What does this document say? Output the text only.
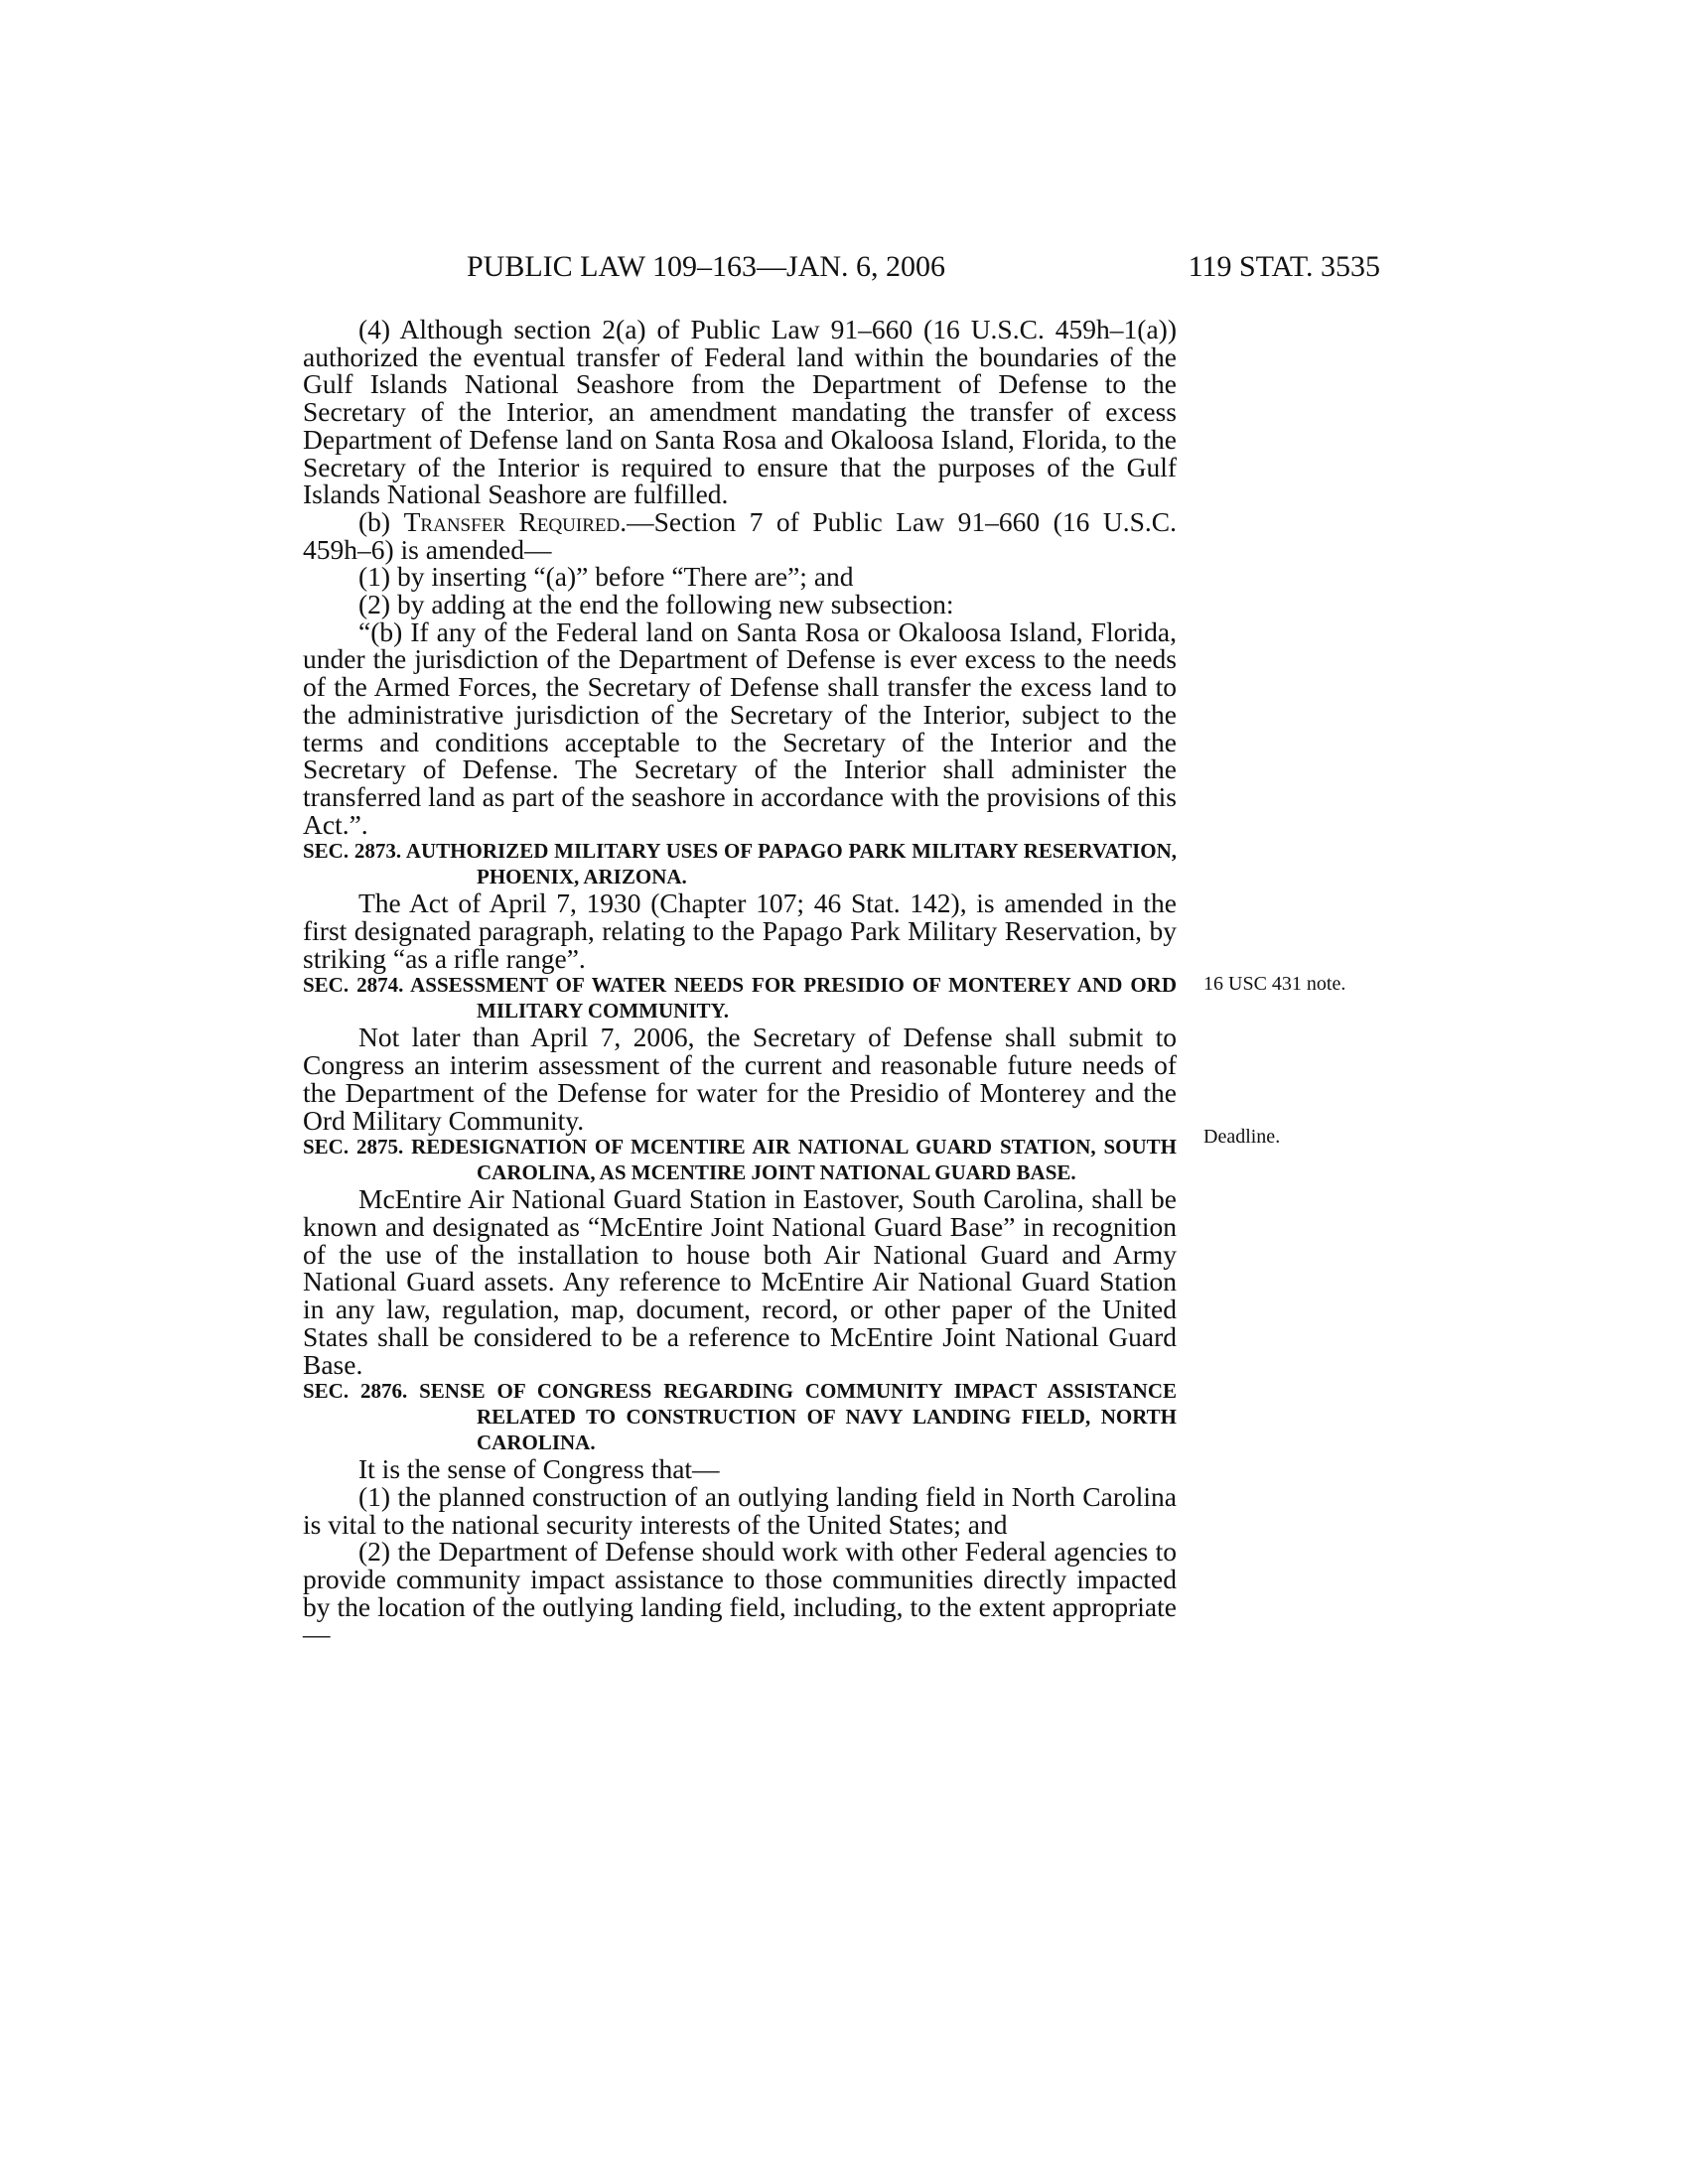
PUBLIC LAW 109–163—JAN. 6, 2006	119 STAT. 3535
16 USC 431 note.
Deadline.

(4) Although section 2(a) of Public Law 91–660 (16 U.S.C. 459h–1(a)) authorized the eventual transfer of Federal land within the boundaries of the Gulf Islands National Seashore from the Department of Defense to the Secretary of the Interior, an amendment mandating the transfer of excess Department of Defense land on Santa Rosa and Okaloosa Island, Florida, to the Secretary of the Interior is required to ensure that the purposes of the Gulf Islands National Seashore are fulfilled.

(b) Transfer Required.—Section 7 of Public Law 91–660 (16 U.S.C. 459h–6) is amended—

(1) by inserting “(a)” before “There are”; and

(2) by adding at the end the following new subsection:

“(b) If any of the Federal land on Santa Rosa or Okaloosa Island, Florida, under the jurisdiction of the Department of Defense is ever excess to the needs of the Armed Forces, the Secretary of Defense shall transfer the excess land to the administrative jurisdiction of the Secretary of the Interior, subject to the terms and conditions acceptable to the Secretary of the Interior and the Secretary of Defense. The Secretary of the Interior shall administer the transferred land as part of the seashore in accordance with the provisions of this Act.”.

SEC. 2873. AUTHORIZED MILITARY USES OF PAPAGO PARK MILITARY RESERVATION, PHOENIX, ARIZONA.

The Act of April 7, 1930 (Chapter 107; 46 Stat. 142), is amended in the first designated paragraph, relating to the Papago Park Military Reservation, by striking “as a rifle range”.

SEC. 2874. ASSESSMENT OF WATER NEEDS FOR PRESIDIO OF MONTEREY AND ORD MILITARY COMMUNITY.

Not later than April 7, 2006, the Secretary of Defense shall submit to Congress an interim assessment of the current and reasonable future needs of the Department of the Defense for water for the Presidio of Monterey and the Ord Military Community.

SEC. 2875. REDESIGNATION OF MCENTIRE AIR NATIONAL GUARD STATION, SOUTH CAROLINA, AS MCENTIRE JOINT NATIONAL GUARD BASE.

McEntire Air National Guard Station in Eastover, South Carolina, shall be known and designated as “McEntire Joint National Guard Base” in recognition of the use of the installation to house both Air National Guard and Army National Guard assets. Any reference to McEntire Air National Guard Station in any law, regulation, map, document, record, or other paper of the United States shall be considered to be a reference to McEntire Joint National Guard Base.

SEC. 2876. SENSE OF CONGRESS REGARDING COMMUNITY IMPACT ASSISTANCE RELATED TO CONSTRUCTION OF NAVY LANDING FIELD, NORTH CAROLINA.

It is the sense of Congress that—

(1) the planned construction of an outlying landing field in North Carolina is vital to the national security interests of the United States; and

(2) the Department of Defense should work with other Federal agencies to provide community impact assistance to those communities directly impacted by the location of the outlying landing field, including, to the extent appropriate—
